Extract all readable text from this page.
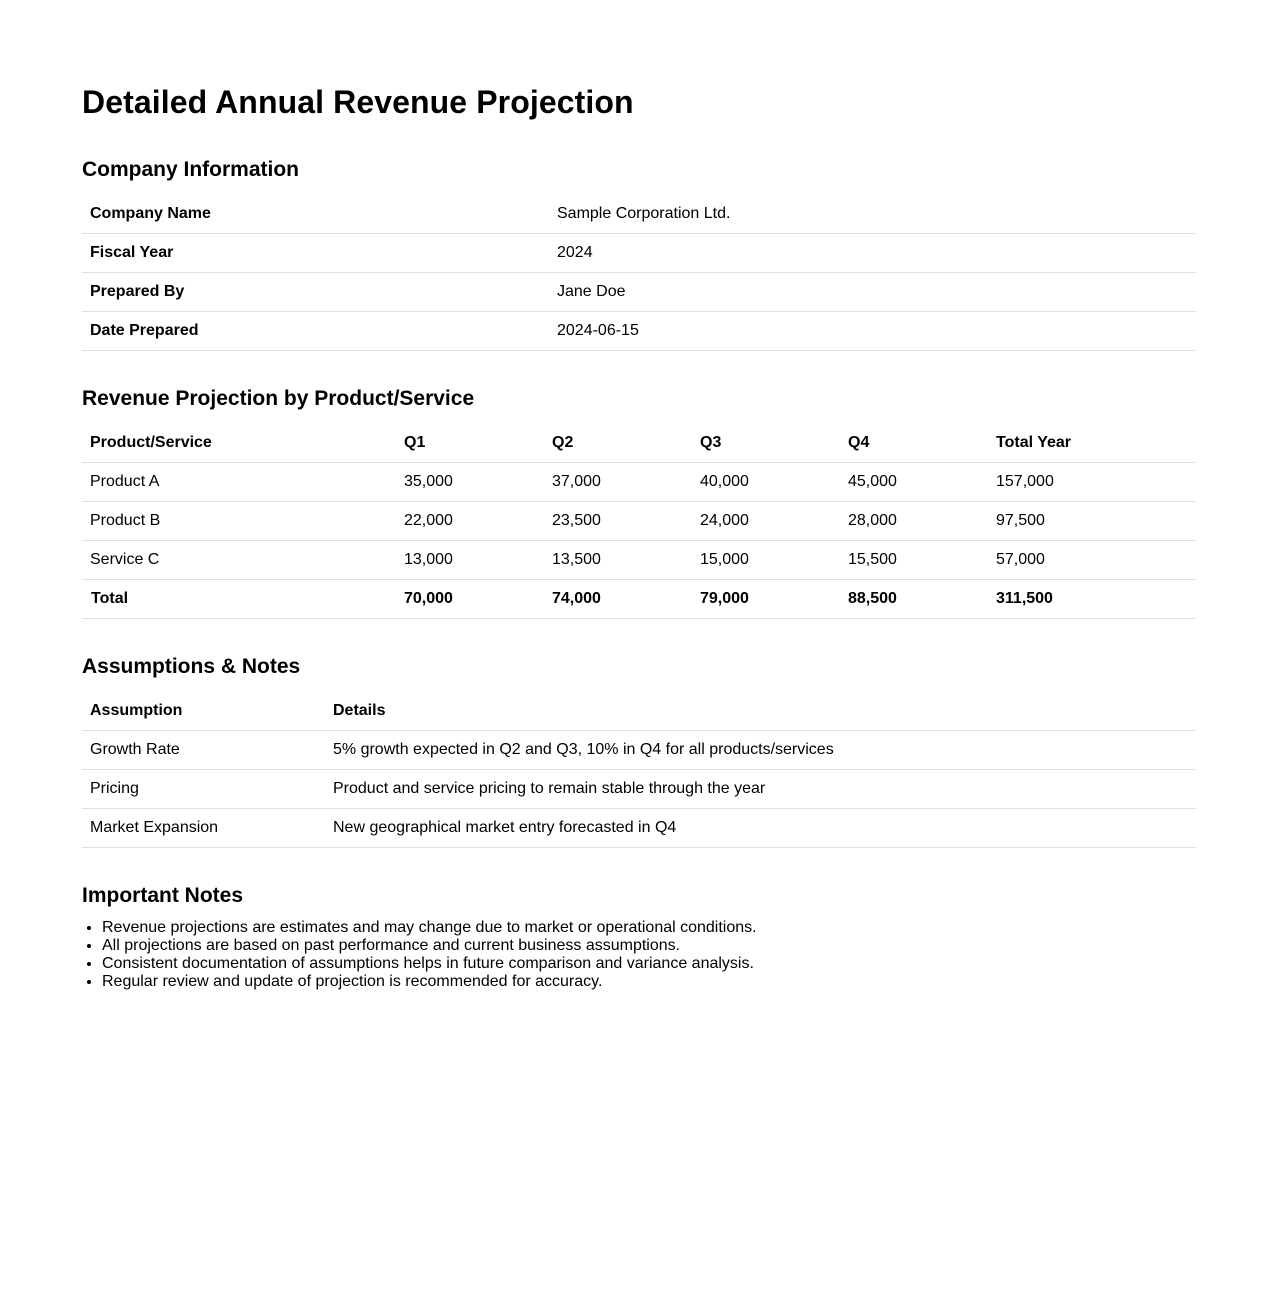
Detailed Annual Revenue Projection
Company Information
Company Name	Sample Corporation Ltd.
Fiscal Year	2024
Prepared By	Jane Doe
Date Prepared	2024-06-15
Revenue Projection by Product/Service
Product/Service	Q1	Q2	Q3	Q4	Total Year
Product A	35,000	37,000	40,000	45,000	157,000
Product B	22,000	23,500	24,000	28,000	97,500
Service C	13,000	13,500	15,000	15,500	57,000
Total	70,000	74,000	79,000	88,500	311,500
Assumptions & Notes
Assumption	Details
Growth Rate	5% growth expected in Q2 and Q3, 10% in Q4 for all products/services
Pricing	Product and service pricing to remain stable through the year
Market Expansion	New geographical market entry forecasted in Q4
Important Notes
• Revenue projections are estimates and may change due to market or operational conditions.
• All projections are based on past performance and current business assumptions.
• Consistent documentation of assumptions helps in future comparison and variance analysis.
• Regular review and update of projection is recommended for accuracy.
